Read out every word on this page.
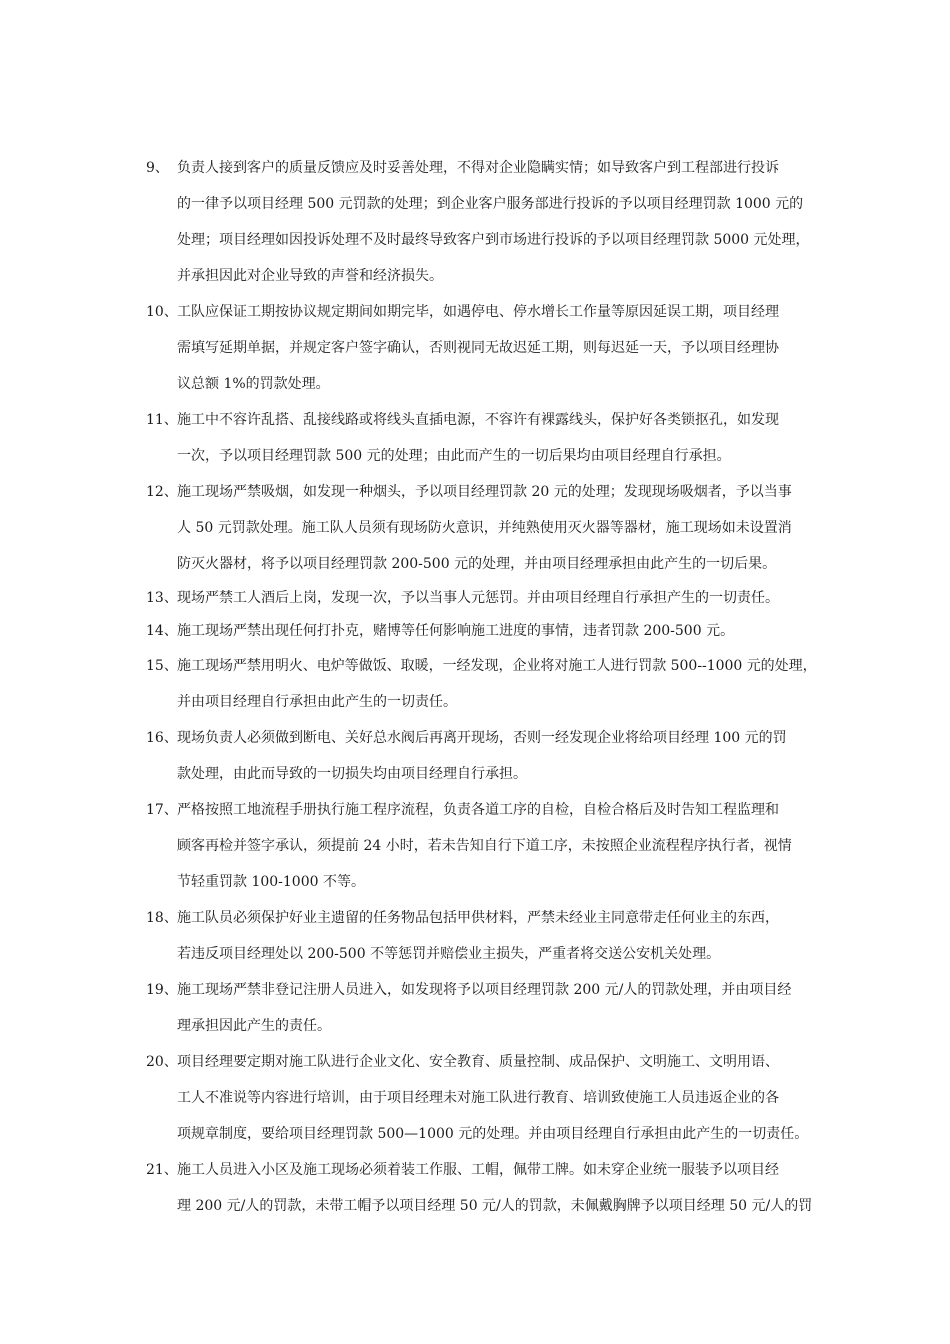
9、 负责人接到客户的质量反馈应及时妥善处理，不得对企业隐瞒实情；如导致客户到工程部进行投诉
的一律予以项目经理 500 元罚款的处理；到企业客户服务部进行投诉的予以项目经理罚款 1000 元的
处理；项目经理如因投诉处理不及时最终导致客户到市场进行投诉的予以项目经理罚款 5000 元处理，
并承担因此对企业导致的声誉和经济损失。
10、 工队应保证工期按协议规定期间如期完毕，如遇停电、停水增长工作量等原因延误工期，项目经理
需填写延期单据，并规定客户签字确认，否则视同无故迟延工期，则每迟延一天，予以项目经理协
议总额 1%的罚款处理。
11、 施工中不容许乱搭、乱接线路或将线头直插电源，不容许有裸露线头，保护好各类锁抠孔，如发现
一次，予以项目经理罚款 500 元的处理；由此而产生的一切后果均由项目经理自行承担。
12、 施工现场严禁吸烟，如发现一种烟头，予以项目经理罚款 20 元的处理；发现现场吸烟者，予以当事
人 50 元罚款处理。施工队人员须有现场防火意识，并纯熟使用灭火器等器材，施工现场如未设置消
防灭火器材，将予以项目经理罚款 200-500 元的处理，并由项目经理承担由此产生的一切后果。
13、 现场严禁工人酒后上岗，发现一次，予以当事人元惩罚。并由项目经理自行承担产生的一切责任。
14、 施工现场严禁出现任何打扑克，赌博等任何影响施工进度的事情，违者罚款 200-500 元。
15、 施工现场严禁用明火、电炉等做饭、取暖，一经发现，企业将对施工人进行罚款 500--1000 元的处理，
并由项目经理自行承担由此产生的一切责任。
16、 现场负责人必须做到断电、关好总水阀后再离开现场，否则一经发现企业将给项目经理 100 元的罚
款处理，由此而导致的一切损失均由项目经理自行承担。
17、 严格按照工地流程手册执行施工程序流程，负责各道工序的自检，自检合格后及时告知工程监理和
顾客再检并签字承认，须提前 24 小时，若未告知自行下道工序，未按照企业流程程序执行者，视情
节轻重罚款 100-1000 不等。
18、 施工队员必须保护好业主遗留的任务物品包括甲供材料，严禁未经业主同意带走任何业主的东西，
若违反项目经理处以 200-500 不等惩罚并赔偿业主损失，严重者将交送公安机关处理。
19、 施工现场严禁非登记注册人员进入，如发现将予以项目经理罚款 200 元/人的罚款处理，并由项目经
理承担因此产生的责任。
20、 项目经理要定期对施工队进行企业文化、安全教育、质量控制、成品保护、文明施工、文明用语、
工人不准说等内容进行培训，由于项目经理未对施工队进行教育、培训致使施工人员违返企业的各
项规章制度，要给项目经理罚款 500—1000 元的处理。并由项目经理自行承担由此产生的一切责任。
21、 施工人员进入小区及施工现场必须着装工作服、工帽，佩带工牌。如未穿企业统一服装予以项目经
理 200 元/人的罚款，未带工帽予以项目经理 50 元/人的罚款，未佩戴胸牌予以项目经理 50 元/人的罚
